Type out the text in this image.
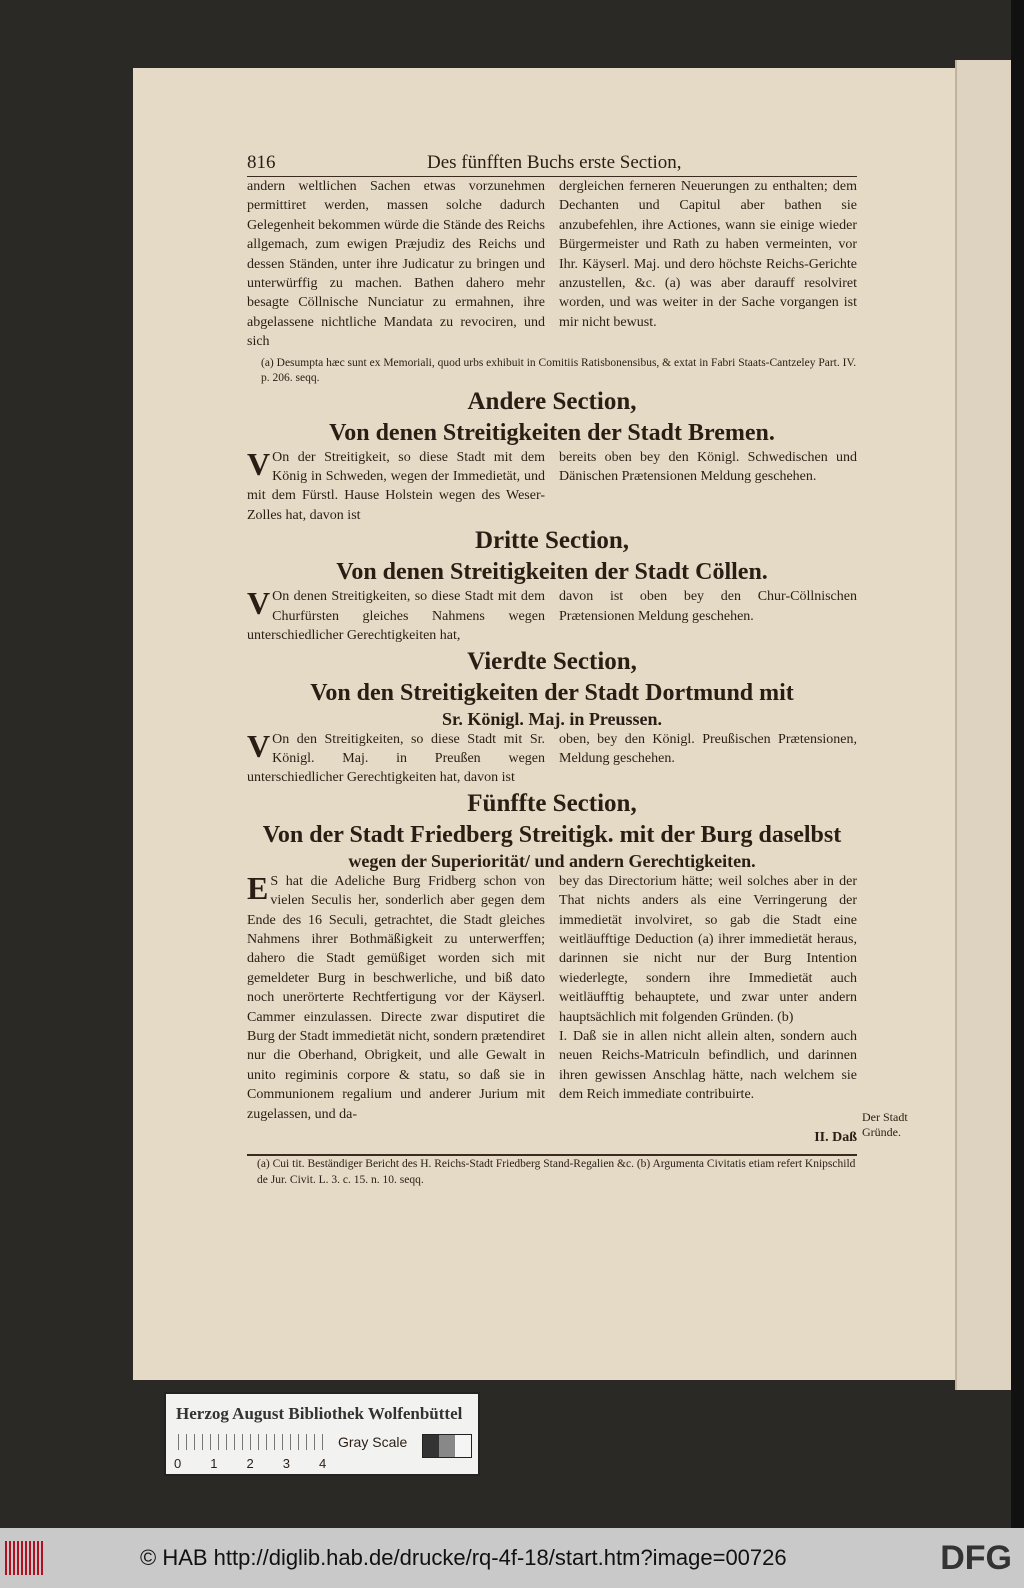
816	Des fünfften Buchs erste Section,
andern weltlichen Sachen etwas vorzunehmen permittiret werden, massen solche dadurch Gelegenheit bekommen würde die Stände des Reichs allgemach, zum ewigen Præjudiz des Reichs und dessen Ständen, unter ihre Judicatur zu bringen und unterwürffig zu machen. Bathen dahero mehr besagte Cöllnische Nunciatur zu ermahnen, ihre abgelassene nichtliche Mandata zu revociren, und sich
dergleichen ferneren Neuerungen zu enthalten; dem Dechanten und Capitul aber bathen sie anzubefehlen, ihre Actiones, wann sie einige wieder Bürgermeister und Rath zu haben vermeinten, vor Ihr. Käyserl. Maj. und dero höchste Reichs-Gerichte anzustellen, &c. (a) was aber darauff resolviret worden, und was weiter in der Sache vorgangen ist mir nicht bewust.
(a) Desumpta hæc sunt ex Memoriali, quod urbs exhibuit in Comitiis Ratisbonensibus, & extat in Fabri Staats-Cantzeley Part. IV. p. 206. seqq.
Andere Section,
Von denen Streitigkeiten der Stadt Bremen.
V On der Streitigkeit, so diese Stadt mit dem König in Schweden, wegen der Immedietät, und mit dem Fürstl. Hause Holstein wegen des Weser-Zolles hat, davon ist
bereits oben bey den Königl. Schwedischen und Dänischen Prætensionen Meldung geschehen.
Dritte Section,
Von denen Streitigkeiten der Stadt Cöllen.
V On denen Streitigkeiten, so diese Stadt mit dem Churfürsten gleiches Nahmens wegen unterschiedlicher Gerechtigkeiten hat,
davon ist oben bey den Chur-Cöllnischen Prætensionen Meldung geschehen.
Vierdte Section,
Von den Streitigkeiten der Stadt Dortmund mit
Sr. Königl. Maj. in Preussen.
V On den Streitigkeiten, so diese Stadt mit Sr. Königl. Maj. in Preußen wegen unterschiedlicher Gerechtigkeiten hat, davon ist
oben, bey den Königl. Preußischen Prætensionen, Meldung geschehen.
Fünffte Section,
Von der Stadt Friedberg Streitigk. mit der Burg daselbst
wegen der Superiorität/ und andern Gerechtigkeiten.
E S hat die Adeliche Burg Fridberg schon von vielen Seculis her, sonderlich aber gegen dem Ende des 16 Seculi, getrachtet, die Stadt gleiches Nahmens ihrer Bothmäßigkeit zu unterwerffen; dahero die Stadt gemüßiget worden sich mit gemeldeter Burg in beschwerliche, und biß dato noch unerörterte Rechtfertigung vor der Käyserl. Cammer einzulassen. Directe zwar disputiret die Burg der Stadt immedietät nicht, sondern prætendiret nur die Oberhand, Obrigkeit, und alle Gewalt in unito regiminis corpore & statu, so daß sie in Communionem regalium und anderer Jurium mit zugelassen, und da-
bey das Directorium hätte; weil solches aber in der That nichts anders als eine Verringerung der immedietät involviret, so gab die Stadt eine weitläufftige Deduction (a) ihrer immedietät heraus, darinnen sie nicht nur der Burg Intention wiederlegte, sondern ihre Immedietät auch weitläufftig behauptete, und zwar unter andern hauptsächlich mit folgenden Gründen. (b)
I. Daß sie in allen nicht allein alten, sondern auch neuen Reichs-Matriculn befindlich, und darinnen ihren gewissen Anschlag hätte, nach welchem sie dem Reich immediate contribuirte.
II. Daß
(a) Cui tit. Beständiger Bericht des H. Reichs-Stadt Friedberg Stand-Regalien &c. (b) Argumenta Civitatis etiam refert Knipschild de Jur. Civit. L. 3. c. 15. n. 10. seqq.
Der Stadt Gründe.
Herzog August Bibliothek Wolfenbüttel
0 1 2 3 4
Gray Scale
© HAB http://diglib.hab.de/drucke/rq-4f-18/start.htm?image=00726	DFG
